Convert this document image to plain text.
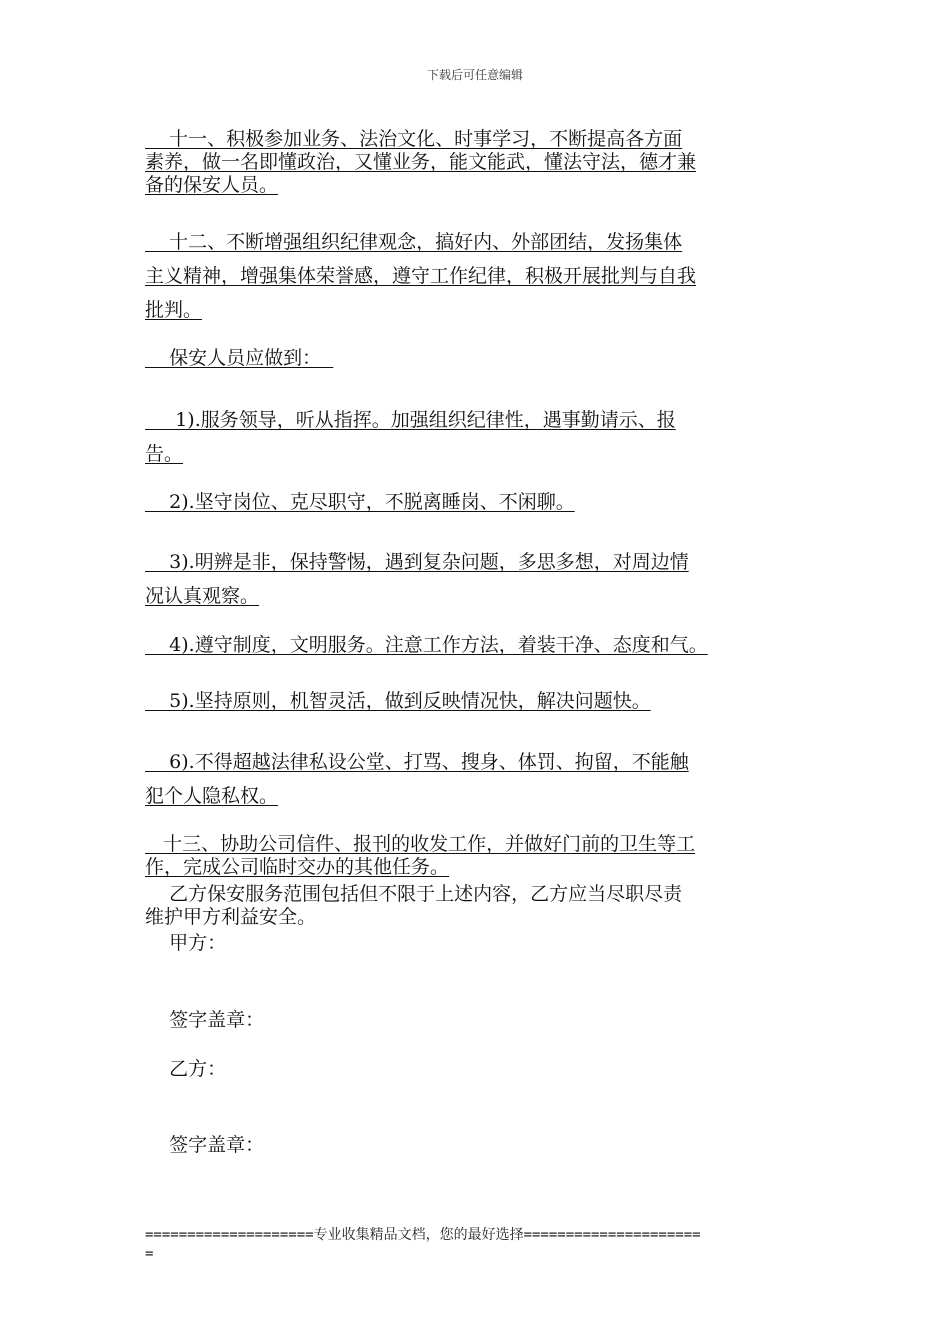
下载后可任意编辑
十一、积极参加业务、法治文化、时事学习，不断提高各方面
素养，做一名即懂政治，又懂业务，能文能武，懂法守法，德才兼
备的保安人员。
十二、不断增强组织纪律观念，搞好内、外部团结，发扬集体
主义精神，增强集体荣誉感，遵守工作纪律，积极开展批判与自我
批判。
保安人员应做到：
1).服务领导，听从指挥。加强组织纪律性，遇事勤请示、报
告。
2).坚守岗位、克尽职守，不脱离睡岗、不闲聊。
3).明辨是非，保持警惕，遇到复杂问题，多思多想，对周边情
况认真观察。
4).遵守制度，文明服务。注意工作方法，着装干净、态度和气。
5).坚持原则，机智灵活，做到反映情况快，解决问题快。
6).不得超越法律私设公堂、打骂、搜身、体罚、拘留，不能触
犯个人隐私权。
十三、协助公司信件、报刊的收发工作，并做好门前的卫生等工
作，完成公司临时交办的其他任务。
乙方保安服务范围包括但不限于上述内容，乙方应当尽职尽责
维护甲方利益安全。
甲方：
签字盖章：
乙方：
签字盖章：
====================专业收集精品文档，您的最好选择=====================
=
